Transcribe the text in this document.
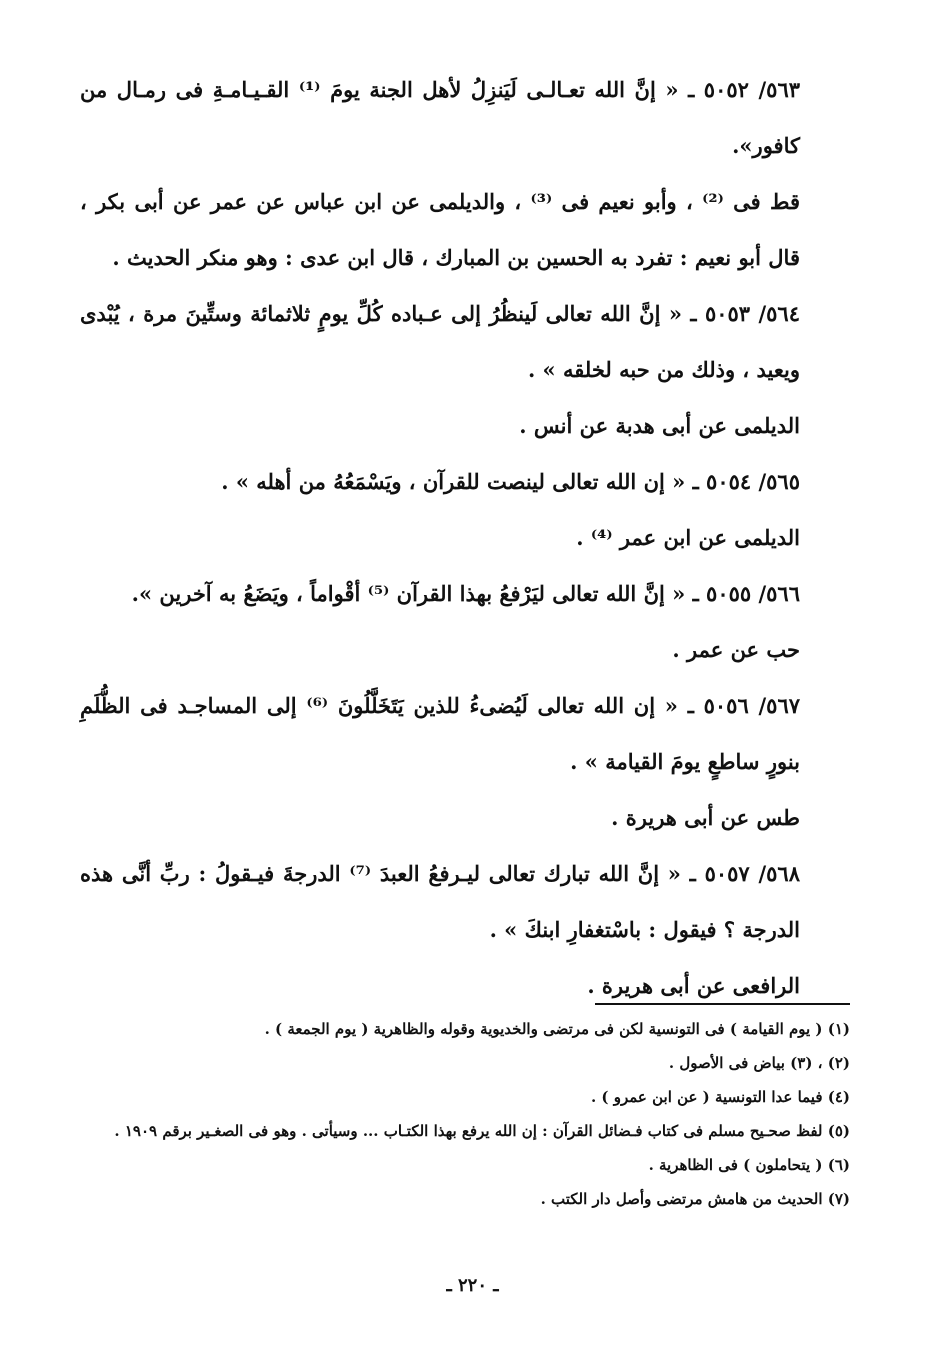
٥٦٣/ ٥٠٥٢ ـ « إنَّ الله تعـالـى لَيَنزِلُ لأهل الجنة يومَ ⁽¹⁾ القـيـامـةِ فى رمـال من كافور».

قط فى ⁽²⁾ ، وأبو نعيم فى ⁽³⁾ ، والديلمى عن ابن عباس عن عمر عن أبى بكر ، قال أبو نعيم : تفرد به الحسين بن المبارك ، قال ابن عدى : وهو منكر الحديث .

٥٦٤/ ٥٠٥٣ ـ « إنَّ الله تعالى لَينظُرُ إلى عـباده كُلِّ يومٍ ثلاثمائة وستِّينَ مرة ، يُبْدى ويعيد ، وذلك من حبه لخلقه » .

الديلمى عن أبى هدبة عن أنس .

٥٦٥/ ٥٠٥٤ ـ « إن الله تعالى لينصت للقرآن ، ويَسْمَعُهُ من أهله » .

الديلمى عن ابن عمر ⁽⁴⁾ .

٥٦٦/ ٥٠٥٥ ـ « إنَّ الله تعالى ليَرْفعُ بهذا القرآن ⁽⁵⁾ أقْواماً ، ويَضَعُ به آخرين ».

حب عن عمر .

٥٦٧/ ٥٠٥٦ ـ « إن الله تعالى لَيُضىءُ للذين يَتَخَلَّلُونَ ⁽⁶⁾ إلى المساجـد فى الظُّلَمِ بنورٍ ساطعٍ يومَ القيامة » .

طس عن أبى هريرة .

٥٦٨/ ٥٠٥٧ ـ « إنَّ الله تبارك تعالى ليـرفعُ العبدَ ⁽⁷⁾ الدرجةَ فيـقولُ : ربِّ أنَّى هذه الدرجة ؟ فيقول : باسْتغفارِ ابنكَ » .

الرافعى عن أبى هريرة .

(١) ( يوم القيامة ) فى التونسية لكن فى مرتضى والخديوية وقوله والظاهرية ( يوم الجمعة ) .

(٢) ، (٣) بياض فى الأصول .

(٤) فيما عدا التونسية ( عن ابن عمرو ) .

(٥) لفظ صحـيح مسلم فى كتاب فـضائل القرآن : إن الله يرفع بهذا الكتـاب ... وسيأتى . وهو فى الصغـير برقم ١٩٠٩ .

(٦) ( يتحاملون ) فى الظاهرية .

(٧) الحديث من هامش مرتضى وأصل دار الكتب .

ـ ٢٢٠ ـ
